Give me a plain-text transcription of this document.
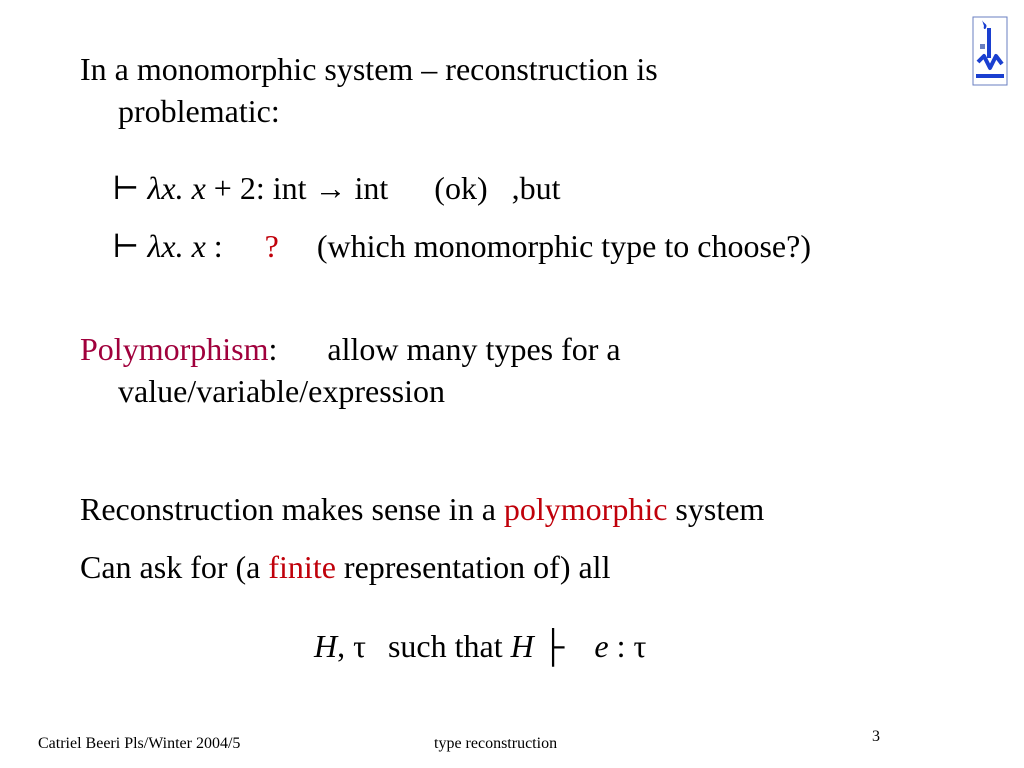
In a monomorphic system – reconstruction is
problematic:
⊢ λx. x + 2: int → int (ok) ,but
⊢ λx. x : ? (which monomorphic type to choose?)
Polymorphism: allow many types for a
value/variable/expression
Reconstruction makes sense in a polymorphic system
Can ask for (a finite representation of) all
H, τ such that H ├ e : τ
Catriel Beeri Pls/Winter 2004/5	type reconstruction	3
